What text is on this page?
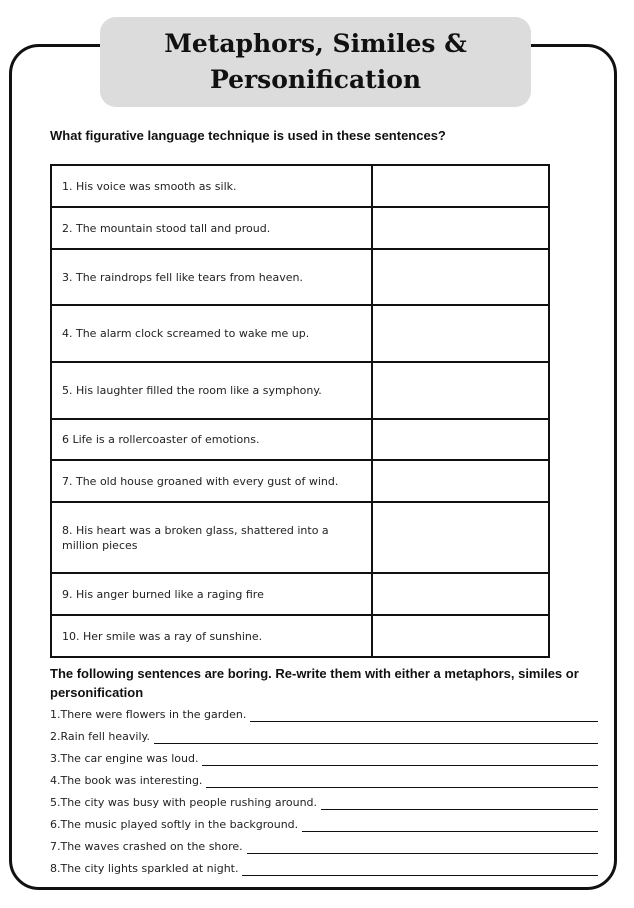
Metaphors, Similes &
Personification
What figurative language technique is used in these sentences?
1. His voice was smooth as silk.	
2. The mountain stood tall and proud.	
3. The raindrops fell like tears from heaven.	
4. The alarm clock screamed to wake me up.	
5. His laughter filled the room like a symphony.	
6 Life is a rollercoaster of emotions.	
7. The old house groaned with every gust of wind.	
8. His heart was a broken glass, shattered into a million pieces	
9. His anger burned like a raging fire	
10. Her smile was a ray of sunshine.	
The following sentences are boring. Re-write them with either a metaphors, similes or personification
1.There were flowers in the garden.
2.Rain fell heavily.
3.The car engine was loud.
4.The book was interesting.
5.The city was busy with people rushing around.
6.The music played softly in the background.
7.The waves crashed on the shore.
8.The city lights sparkled at night.
